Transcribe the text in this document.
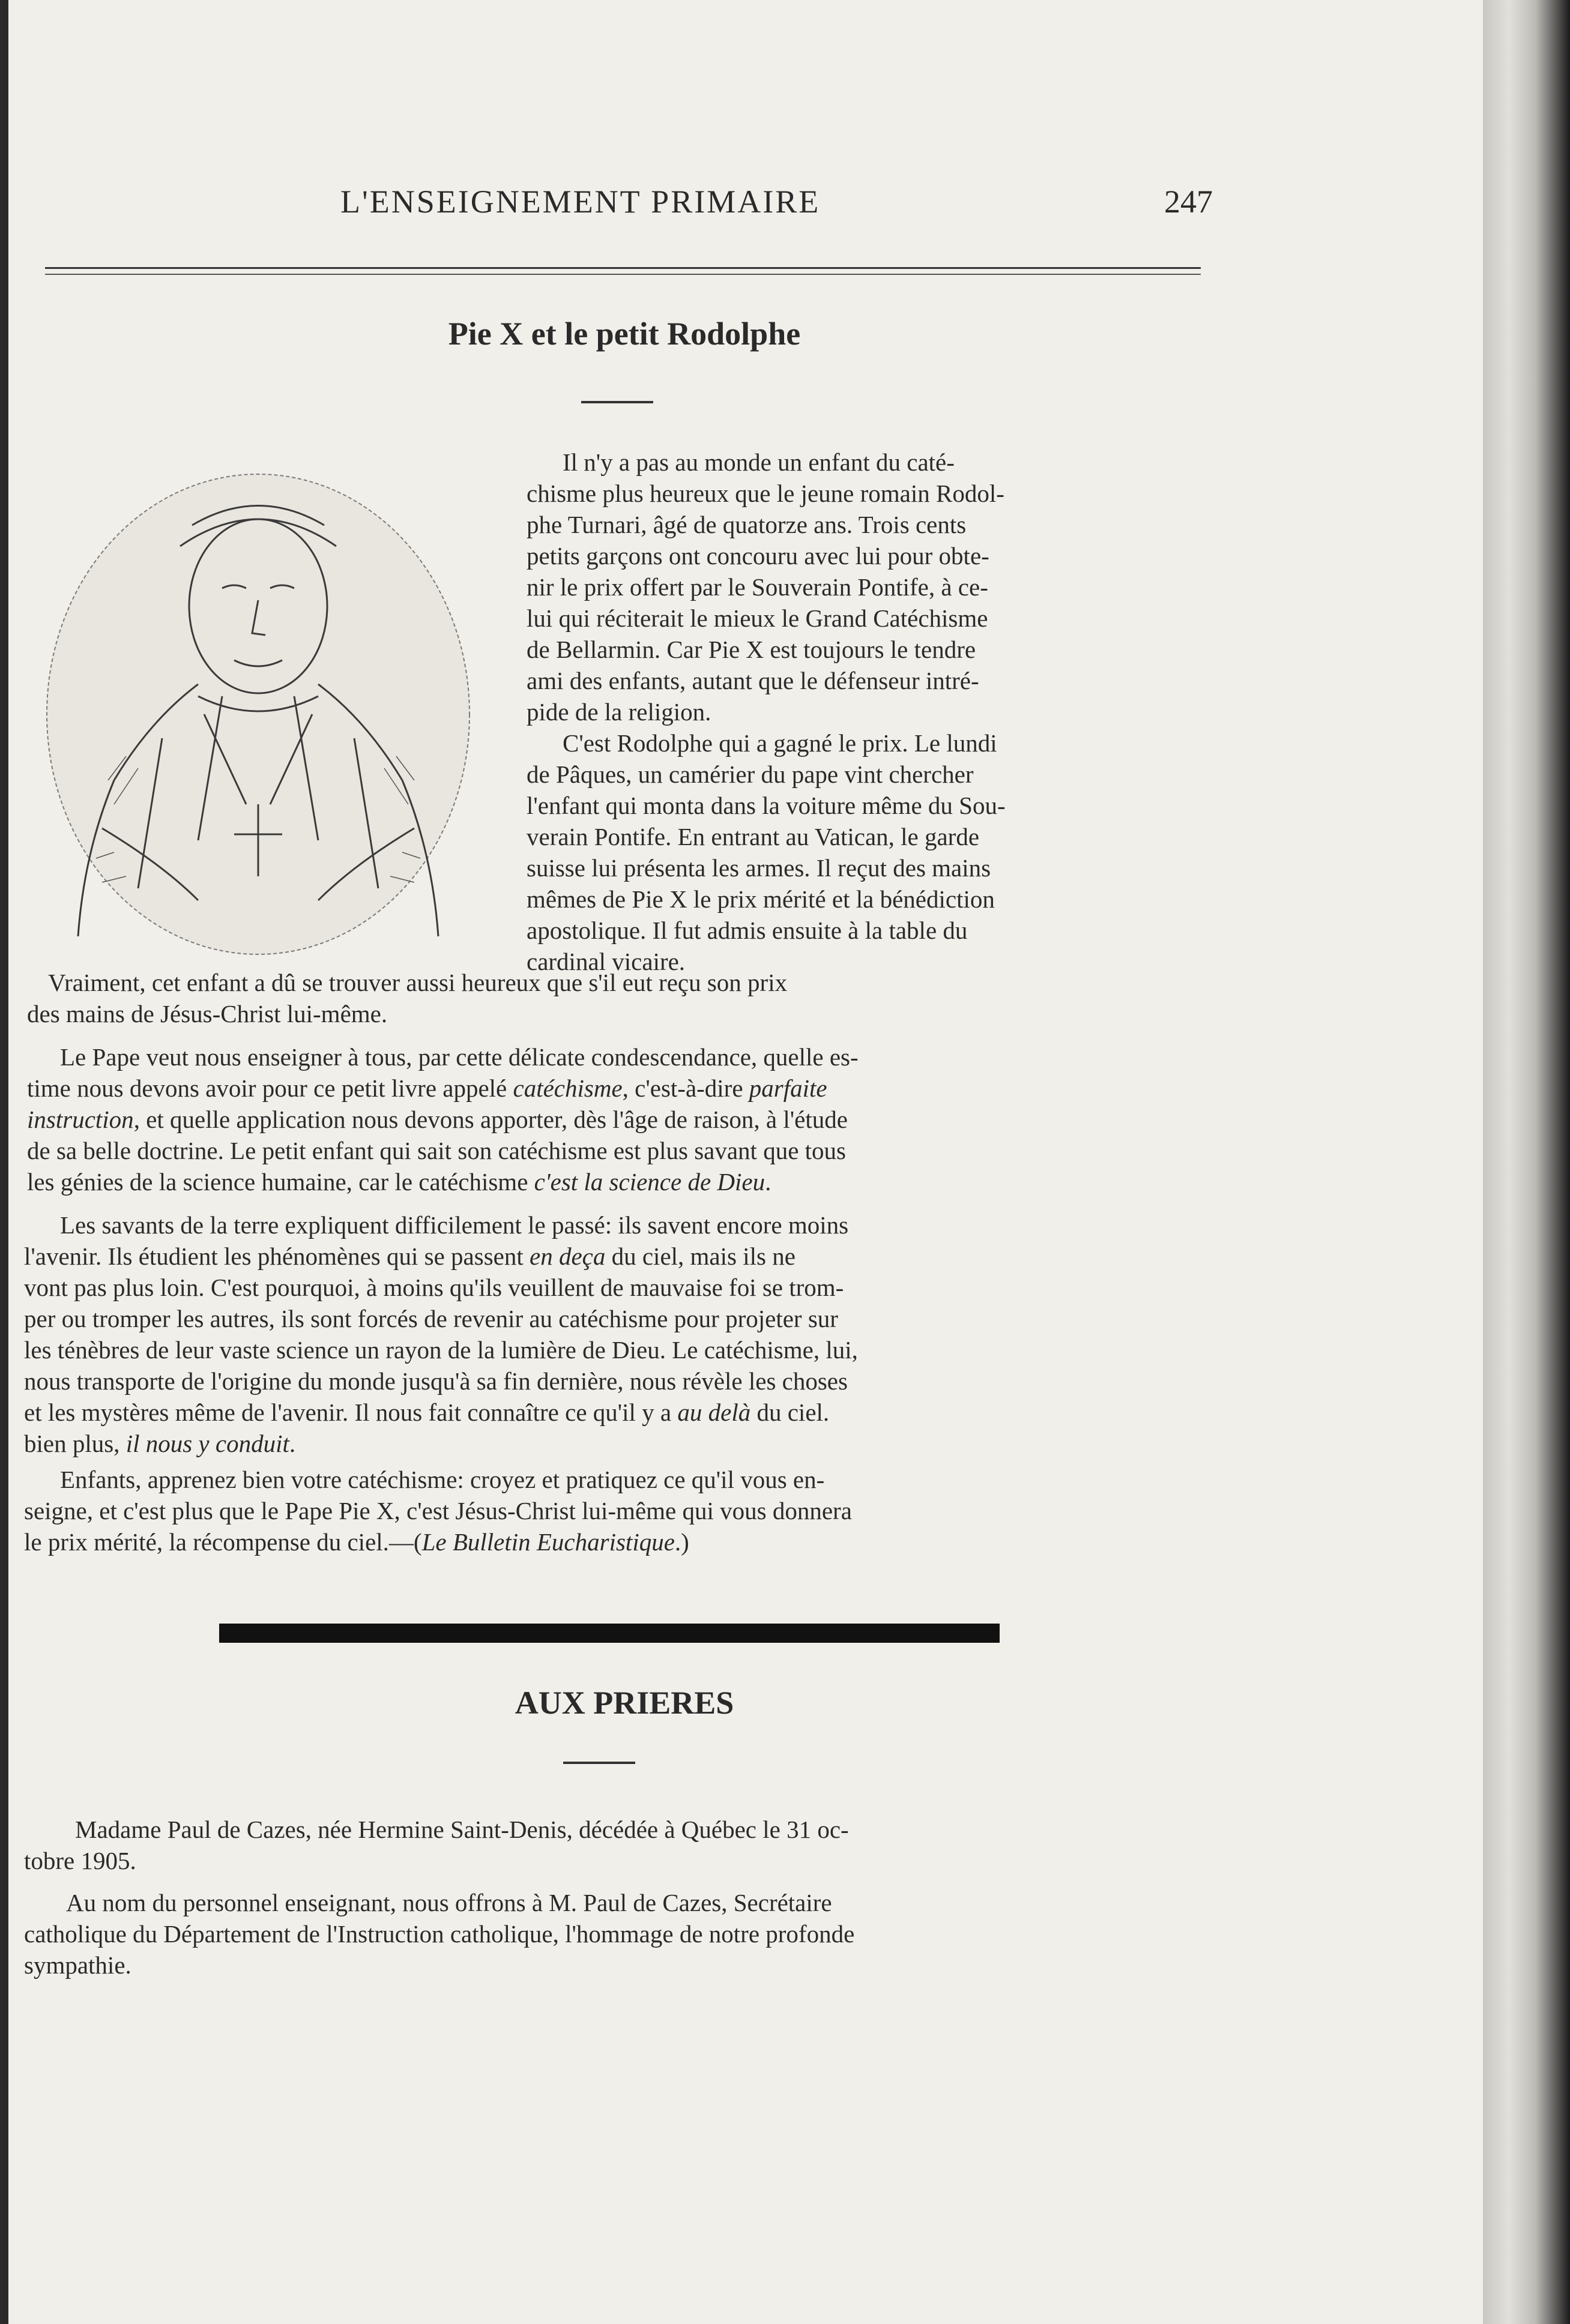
L'ENSEIGNEMENT PRIMAIRE	247
Pie X et le petit Rodolphe

Il n'y a pas au monde un enfant du caté-

chisme plus heureux que le jeune romain Rodol-

phe Turnari, âgé de quatorze ans. Trois cents

petits garçons ont concouru avec lui pour obte-

nir le prix offert par le Souverain Pontife, à ce-

lui qui réciterait le mieux le Grand Catéchisme

de Bellarmin. Car Pie X est toujours le tendre

ami des enfants, autant que le défenseur intré-

pide de la religion.

C'est Rodolphe qui a gagné le prix. Le lundi

de Pâques, un camérier du pape vint chercher

l'enfant qui monta dans la voiture même du Sou-

verain Pontife. En entrant au Vatican, le garde

suisse lui présenta les armes. Il reçut des mains

mêmes de Pie X le prix mérité et la bénédiction

apostolique. Il fut admis ensuite à la table du

cardinal vicaire.

Vraiment, cet enfant a dû se trouver aussi heureux que s'il eut reçu son prix

des mains de Jésus-Christ lui-même.

Le Pape veut nous enseigner à tous, par cette délicate condescendance, quelle es-

time nous devons avoir pour ce petit livre appelé catéchisme, c'est-à-dire parfaite

instruction, et quelle application nous devons apporter, dès l'âge de raison, à l'étude

de sa belle doctrine. Le petit enfant qui sait son catéchisme est plus savant que tous

les génies de la science humaine, car le catéchisme c'est la science de Dieu.

Les savants de la terre expliquent difficilement le passé: ils savent encore moins

l'avenir. Ils étudient les phénomènes qui se passent en deça du ciel, mais ils ne

vont pas plus loin. C'est pourquoi, à moins qu'ils veuillent de mauvaise foi se trom-

per ou tromper les autres, ils sont forcés de revenir au catéchisme pour projeter sur

les ténèbres de leur vaste science un rayon de la lumière de Dieu. Le catéchisme, lui,

nous transporte de l'origine du monde jusqu'à sa fin dernière, nous révèle les choses

et les mystères même de l'avenir. Il nous fait connaître ce qu'il y a au delà du ciel.

bien plus, il nous y conduit.

Enfants, apprenez bien votre catéchisme: croyez et pratiquez ce qu'il vous en-

seigne, et c'est plus que le Pape Pie X, c'est Jésus-Christ lui-même qui vous donnera

le prix mérité, la récompense du ciel.—(Le Bulletin Eucharistique.)

AUX PRIERES

Madame Paul de Cazes, née Hermine Saint-Denis, décédée à Québec le 31 oc-

tobre 1905.

Au nom du personnel enseignant, nous offrons à M. Paul de Cazes, Secrétaire

catholique du Département de l'Instruction catholique, l'hommage de notre profonde

sympathie.
